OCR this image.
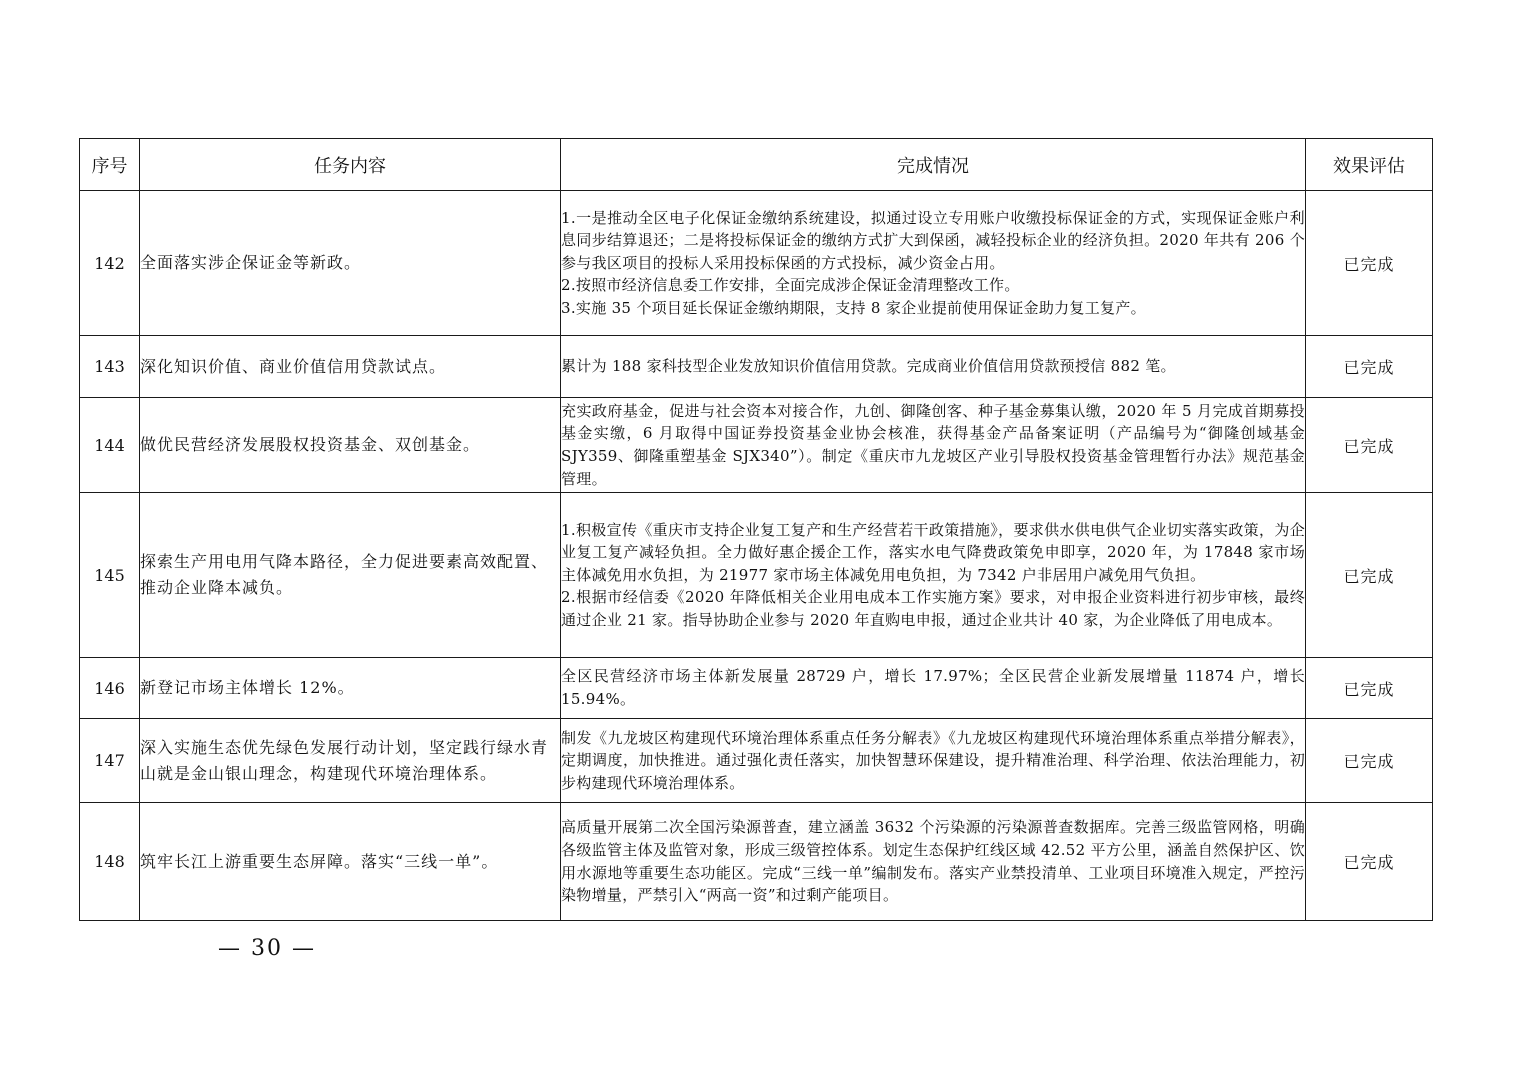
序号	任务内容	完成情况	效果评估
142	全面落实涉企保证金等新政。	1.一是推动全区电子化保证金缴纳系统建设，拟通过设立专用账户收缴投标保证金的方式，实现保证金账户利息同步结算退还；二是将投标保证金的缴纳方式扩大到保函，减轻投标企业的经济负担。2020 年共有 206 个参与我区项目的投标人采用投标保函的方式投标，减少资金占用。

2.按照市经济信息委工作安排，全面完成涉企保证金清理整改工作。

3.实施 35 个项目延长保证金缴纳期限，支持 8 家企业提前使用保证金助力复工复产。	已完成
143	深化知识价值、商业价值信用贷款试点。	累计为 188 家科技型企业发放知识价值信用贷款。完成商业价值信用贷款预授信 882 笔。	已完成
144	做优民营经济发展股权投资基金、双创基金。	充实政府基金，促进与社会资本对接合作，九创、御隆创客、种子基金募集认缴，2020 年 5 月完成首期募投基金实缴，6 月取得中国证券投资基金业协会核准，获得基金产品备案证明（产品编号为“御隆创域基金 SJY359、御隆重塑基金 SJX340”）。制定《重庆市九龙坡区产业引导股权投资基金管理暂行办法》规范基金管理。	已完成
145	探索生产用电用气降本路径，全力促进要素高效配置、推动企业降本减负。	1.积极宣传《重庆市支持企业复工复产和生产经营若干政策措施》，要求供水供电供气企业切实落实政策，为企业复工复产减轻负担。全力做好惠企援企工作，落实水电气降费政策免申即享，2020 年，为 17848 家市场主体减免用水负担，为 21977 家市场主体减免用电负担，为 7342 户非居用户减免用气负担。

2.根据市经信委《2020 年降低相关企业用电成本工作实施方案》要求，对申报企业资料进行初步审核，最终通过企业 21 家。指导协助企业参与 2020 年直购电申报，通过企业共计 40 家，为企业降低了用电成本。	已完成
146	新登记市场主体增长 12%。	全区民营经济市场主体新发展量 28729 户，增长 17.97%；全区民营企业新发展增量 11874 户，增长 15.94%。	已完成
147	深入实施生态优先绿色发展行动计划，坚定践行绿水青山就是金山银山理念，构建现代环境治理体系。	制发《九龙坡区构建现代环境治理体系重点任务分解表》《九龙坡区构建现代环境治理体系重点举措分解表》，定期调度，加快推进。通过强化责任落实，加快智慧环保建设，提升精准治理、科学治理、依法治理能力，初步构建现代环境治理体系。	已完成
148	筑牢长江上游重要生态屏障。落实“三线一单”。	高质量开展第二次全国污染源普查，建立涵盖 3632 个污染源的污染源普查数据库。完善三级监管网格，明确各级监管主体及监管对象，形成三级管控体系。划定生态保护红线区域 42.52 平方公里，涵盖自然保护区、饮用水源地等重要生态功能区。完成“三线一单”编制发布。落实产业禁投清单、工业项目环境准入规定，严控污染物增量，严禁引入“两高一资”和过剩产能项目。	已完成
— 30 —
